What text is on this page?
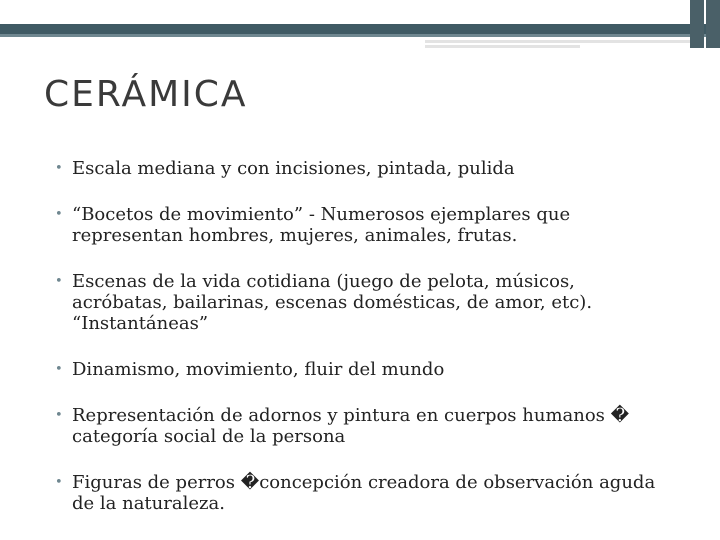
CERÁMICA
• Escala mediana y con incisiones, pintada, pulida
• “Bocetos de movimiento” - Numerosos ejemplares que representan hombres, mujeres, animales, frutas.
• Escenas de la vida cotidiana (juego de pelota, músicos, acróbatas, bailarinas, escenas domésticas, de amor, etc). “Instantáneas”
• Dinamismo, movimiento, fluir del mundo
• Representación de adornos y pintura en cuerpos humanos � categoría social de la persona
• Figuras de perros �concepción creadora de observación aguda de la naturaleza.
